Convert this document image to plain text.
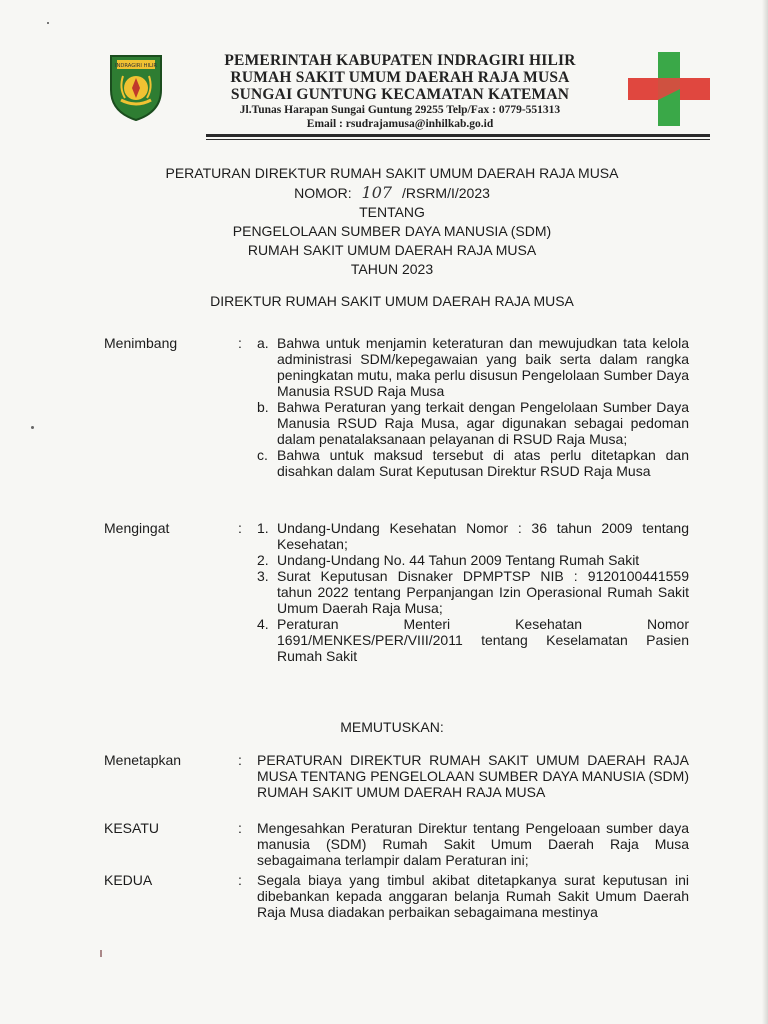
INDRAGIRI HILIR	PEMERINTAH KABUPATEN INDRAGIRI HILIR
RUMAH SAKIT UMUM DAERAH RAJA MUSA
SUNGAI GUNTUNG KECAMATAN KATEMAN
Jl.Tunas Harapan Sungai Guntung 29255 Telp/Fax : 0779-551313
Email : rsudrajamusa@inhilkab.go.id
PERATURAN DIREKTUR RUMAH SAKIT UMUM DAERAH RAJA MUSA
NOMOR: 107 /RSRM/I/2023
TENTANG
PENGELOLAAN SUMBER DAYA MANUSIA (SDM)
RUMAH SAKIT UMUM DAERAH RAJA MUSA
TAHUN 2023
DIREKTUR RUMAH SAKIT UMUM DAERAH RAJA MUSA
Menimbang	: a. Bahwa untuk menjamin keteraturan dan mewujudkan tata kelola administrasi SDM/kepegawaian yang baik serta dalam rangka peningkatan mutu, maka perlu disusun Pengelolaan Sumber Daya Manusia RSUD Raja Musa
b. Bahwa Peraturan yang terkait dengan Pengelolaan Sumber Daya Manusia RSUD Raja Musa, agar digunakan sebagai pedoman dalam penatalaksanaan pelayanan di RSUD Raja Musa;
c. Bahwa untuk maksud tersebut di atas perlu ditetapkan dan disahkan dalam Surat Keputusan Direktur RSUD Raja Musa
Mengingat	: 1. Undang-Undang Kesehatan Nomor : 36 tahun 2009 tentang Kesehatan;
2. Undang-Undang No. 44 Tahun 2009 Tentang Rumah Sakit
3. Surat Keputusan Disnaker DPMPTSP NIB : 9120100441559 tahun 2022 tentang Perpanjangan Izin Operasional Rumah Sakit Umum Daerah Raja Musa;
4. Peraturan Menteri Kesehatan Nomor 1691/MENKES/PER/VIII/2011 tentang Keselamatan Pasien Rumah Sakit
MEMUTUSKAN:
Menetapkan	: PERATURAN DIREKTUR RUMAH SAKIT UMUM DAERAH RAJA MUSA TENTANG PENGELOLAAN SUMBER DAYA MANUSIA (SDM) RUMAH SAKIT UMUM DAERAH RAJA MUSA
KESATU	: Mengesahkan Peraturan Direktur tentang Pengeloaan sumber daya manusia (SDM) Rumah Sakit Umum Daerah Raja Musa sebagaimana terlampir dalam Peraturan ini;
KEDUA	: Segala biaya yang timbul akibat ditetapkanya surat keputusan ini dibebankan kepada anggaran belanja Rumah Sakit Umum Daerah Raja Musa diadakan perbaikan sebagaimana mestinya
